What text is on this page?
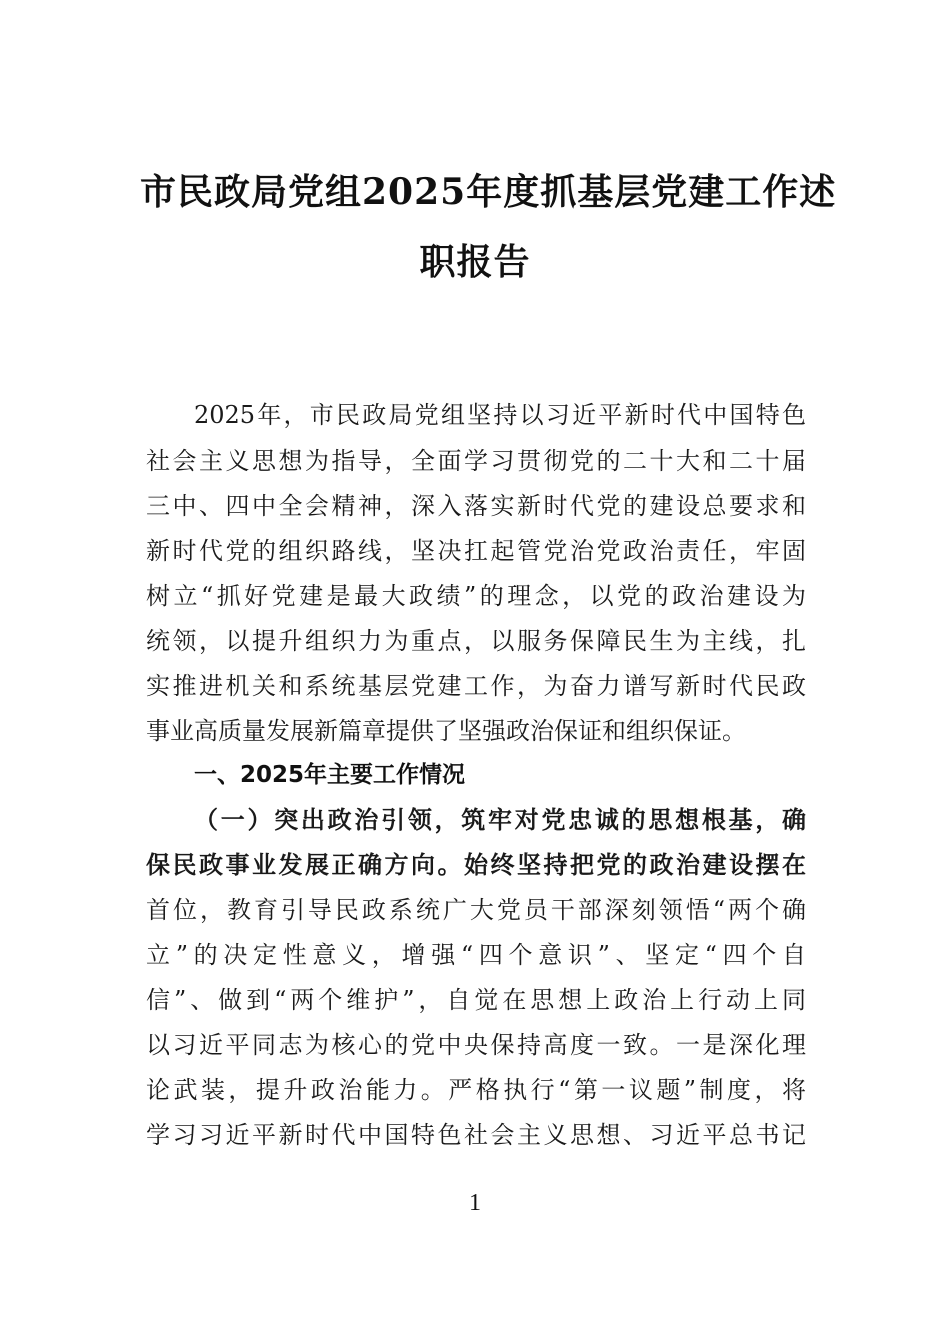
市民政局党组2025年度抓基层党建工作述
职报告
2025年，市民政局党组坚持以习近平新时代中国特色
社会主义思想为指导，全面学习贯彻党的二十大和二十届
三中、四中全会精神，深入落实新时代党的建设总要求和
新时代党的组织路线，坚决扛起管党治党政治责任，牢固
树立“抓好党建是最大政绩”的理念，以党的政治建设为
统领，以提升组织力为重点，以服务保障民生为主线，扎
实推进机关和系统基层党建工作，为奋力谱写新时代民政
事业高质量发展新篇章提供了坚强政治保证和组织保证。
一、2025年主要工作情况
（一）突出政治引领，筑牢对党忠诚的思想根基，确
保民政事业发展正确方向。始终坚持把党的政治建设摆在
首位，教育引导民政系统广大党员干部深刻领悟“两个确
立”的决定性意义，增强“四个意识”、坚定“四个自
信”、做到“两个维护”，自觉在思想上政治上行动上同
以习近平同志为核心的党中央保持高度一致。一是深化理
论武装，提升政治能力。严格执行“第一议题”制度，将
学习习近平新时代中国特色社会主义思想、习近平总书记
1
